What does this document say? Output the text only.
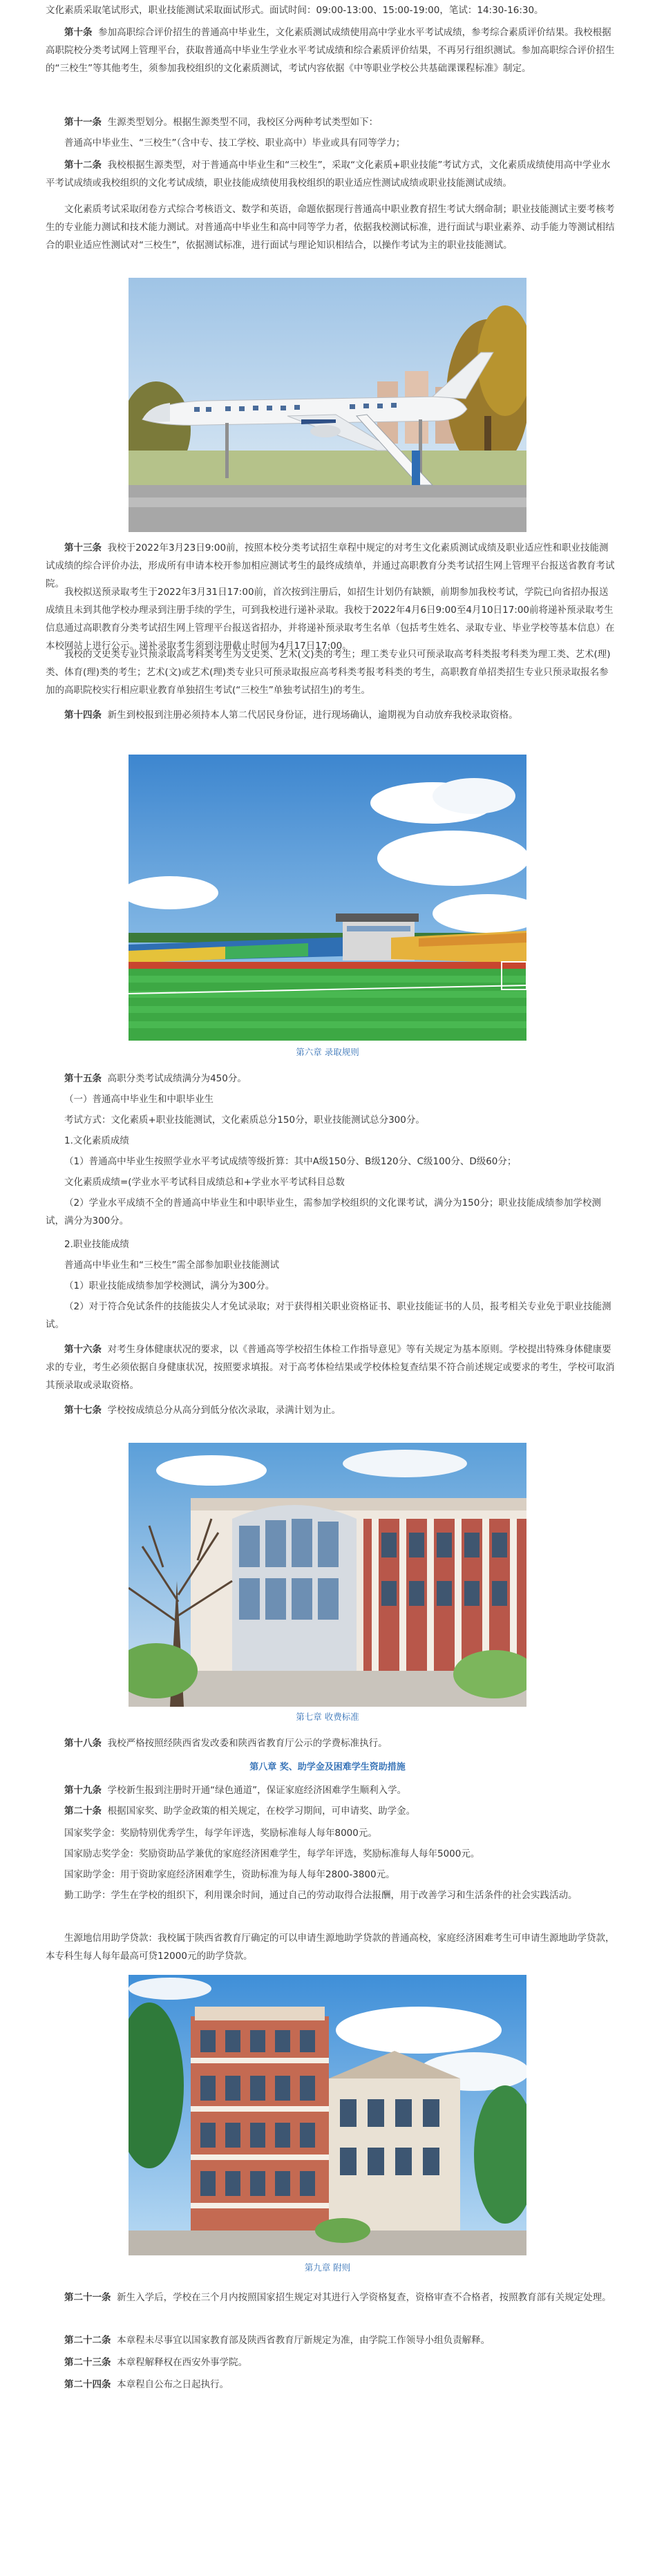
文化素质采取笔试形式，职业技能测试采取面试形式。面试时间：09:00-13:00、15:00-19:00，笔试：14:30-16:30。

第十条 参加高职综合评价招生的普通高中毕业生，文化素质测试成绩使用高中学业水平考试成绩，参考综合素质评价结果。我校根据高职院校分类考试网上管理平台，获取普通高中毕业生学业水平考试成绩和综合素质评价结果，不再另行组织测试。参加高职综合评价招生的“三校生”等其他考生，须参加我校组织的文化素质测试，考试内容依据《中等职业学校公共基础课课程标准》制定。

第十一条 生源类型划分。根据生源类型不同，我校区分两种考试类型如下：

普通高中毕业生、“三校生”（含中专、技工学校、职业高中）毕业或具有同等学力；

第十二条 我校根据生源类型，对于普通高中毕业生和“三校生”，采取“文化素质+职业技能”考试方式，文化素质成绩使用高中学业水平考试成绩或我校组织的文化考试成绩，职业技能成绩使用我校组织的职业适应性测试成绩或职业技能测试成绩。

文化素质考试采取闭卷方式综合考核语文、数学和英语，命题依据现行普通高中职业教育招生考试大纲命制；职业技能测试主要考核考生的专业能力测试和技术能力测试。对普通高中毕业生和高中同等学力者，依据我校测试标准，进行面试与职业素养、动手能力等测试相结合的职业适应性测试对“三校生”，依据测试标准，进行面试与理论知识相结合，以操作考试为主的职业技能测试。

第十三条 我校于2022年3月23日9:00前，按照本校分类考试招生章程中规定的对考生文化素质测试成绩及职业适应性和职业技能测试成绩的综合评价办法，形成所有申请本校开参加相应测试考生的最终成绩单，并通过高职教育分类考试招生网上管理平台报送省教育考试院。

我校拟送预录取考生于2022年3月31日17:00前，首次按到注册后，如招生计划仍有缺额，前期参加我校考试，学院已向省招办报送成绩且未到其他学校办理录到注册手续的学生，可到我校进行递补录取。我校于2022年4月6日9:00至4月10日17:00前将递补预录取考生信息通过高职教育分类考试招生网上管理平台报送省招办，并将递补预录取考生名单（包括考生姓名、录取专业、毕业学校等基本信息）在本校网站上进行公示。递补录取考生须到注册截止时间为4月17日17:00。

我校的文史类专业只预录取高考科类考生为文史类、艺术(文)类的考生；理工类专业只可预录取高考科类报考科类为理工类、艺术(理)类、体育(理)类的考生；艺术(文)或艺术(理)类专业只可预录取报应高考科类考报考科类的考生，高职教育单招类招生专业只预录取报名参加的高职院校实行相应职业教育单独招生考试(“三校生”单独考试招生)的考生。

第十四条 新生到校报到注册必须持本人第二代居民身份证，进行现场确认，逾期视为自动放弃我校录取资格。

第六章 录取规则

第十五条 高职分类考试成绩满分为450分。

（一）普通高中毕业生和中职毕业生

考试方式：文化素质+职业技能测试，文化素质总分150分，职业技能测试总分300分。

1.文化素质成绩

（1）普通高中毕业生按照学业水平考试成绩等级折算：其中A级150分、B级120分、C级100分、D级60分；

文化素质成绩=(学业水平考试科目成绩总和+学业水平考试科目总数

（2）学业水平成绩不全的普通高中毕业生和中职毕业生，需参加学校组织的文化课考试，满分为150分；职业技能成绩参加学校测试，满分为300分。

2.职业技能成绩

普通高中毕业生和“三校生”需全部参加职业技能测试

（1）职业技能成绩参加学校测试，满分为300分。

（2）对于符合免试条件的技能拔尖人才免试录取；对于获得相关职业资格证书、职业技能证书的人员，报考相关专业免于职业技能测试。

第十六条 对考生身体健康状况的要求，以《普通高等学校招生体检工作指导意见》等有关规定为基本原则。学校提出特殊身体健康要求的专业，考生必须依据自身健康状况，按照要求填报。对于高考体检结果或学校体检复查结果不符合前述规定或要求的考生，学校可取消其预录取或录取资格。

第十七条 学校按成绩总分从高分到低分依次录取，录满计划为止。

第七章 收费标准

第十八条 我校严格按照经陕西省发改委和陕西省教育厅公示的学费标准执行。

第八章 奖、助学金及困难学生资助措施

第十九条 学校新生报到注册时开通“绿色通道”，保证家庭经济困难学生顺利入学。

第二十条 根据国家奖、助学金政策的相关规定，在校学习期间，可申请奖、助学金。

国家奖学金：奖励特别优秀学生，每学年评选，奖励标准每人每年8000元。

国家励志奖学金：奖励资助品学兼优的家庭经济困难学生，每学年评选，奖励标准每人每年5000元。

国家助学金：用于资助家庭经济困难学生，资助标准为每人每年2800-3800元。

勤工助学：学生在学校的组织下，利用课余时间，通过自己的劳动取得合法报酬，用于改善学习和生活条件的社会实践活动。

生源地信用助学贷款：我校属于陕西省教育厅确定的可以申请生源地助学贷款的普通高校，家庭经济困难考生可申请生源地助学贷款，本专科生每人每年最高可贷12000元的助学贷款。

第九章 附则

第二十一条 新生入学后，学校在三个月内按照国家招生规定对其进行入学资格复查，资格审查不合格者，按照教育部有关规定处理。

第二十二条 本章程未尽事宜以国家教育部及陕西省教育厅新规定为准，由学院工作领导小组负责解释。

第二十三条 本章程解释权在西安外事学院。

第二十四条 本章程自公布之日起执行。
